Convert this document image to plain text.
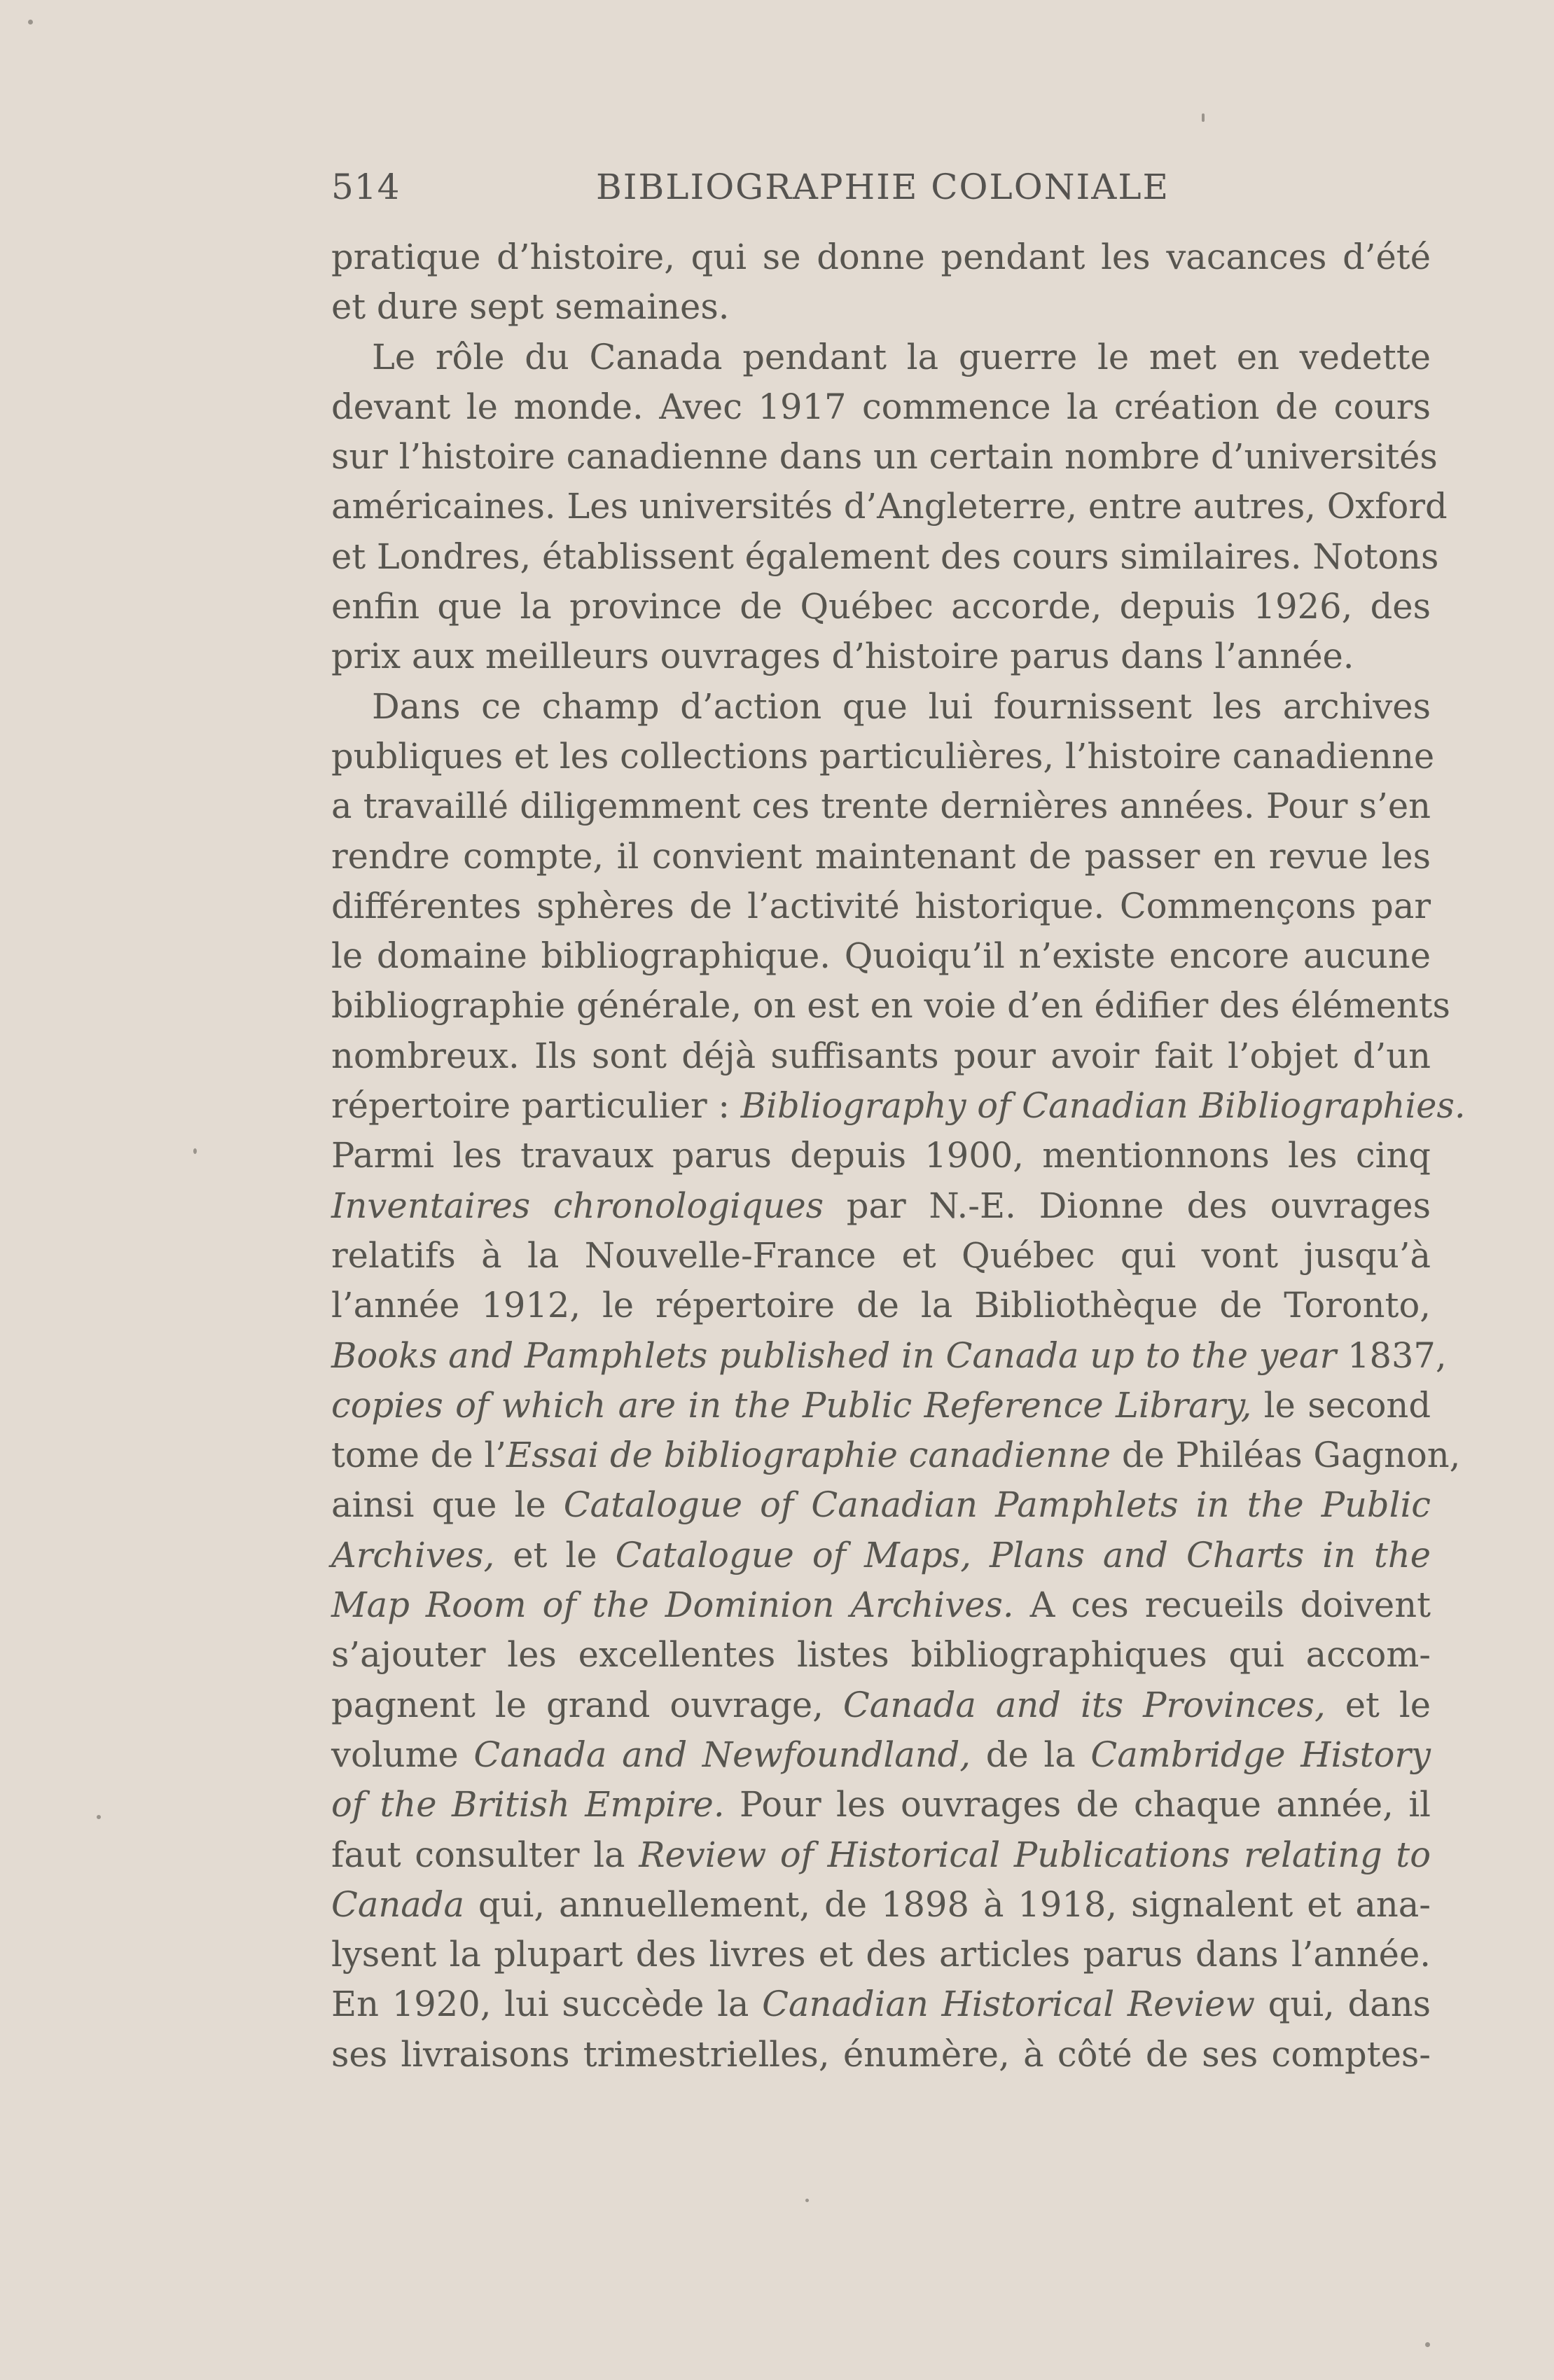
514	BIBLIOGRAPHIE COLONIALE
pratique d’histoire, qui se donne pendant les vacances d’été
et dure sept semaines.
Le rôle du Canada pendant la guerre le met en vedette
devant le monde. Avec 1917 commence la création de cours
sur l’histoire canadienne dans un certain nombre d’universités
américaines. Les universités d’Angleterre, entre autres, Oxford
et Londres, établissent également des cours similaires. Notons
enfin que la province de Québec accorde, depuis 1926, des
prix aux meilleurs ouvrages d’histoire parus dans l’année.
Dans ce champ d’action que lui fournissent les archives
publiques et les collections particulières, l’histoire canadienne
a travaillé diligemment ces trente dernières années. Pour s’en
rendre compte, il convient maintenant de passer en revue les
différentes sphères de l’activité historique. Commençons par
le domaine bibliographique. Quoiqu’il n’existe encore aucune
bibliographie générale, on est en voie d’en édifier des éléments
nombreux. Ils sont déjà suffisants pour avoir fait l’objet d’un
répertoire particulier : Bibliography of Canadian Bibliographies.
Parmi les travaux parus depuis 1900, mentionnons les cinq
Inventaires chronologiques par N.-E. Dionne des ouvrages
relatifs à la Nouvelle-France et Québec qui vont jusqu’à
l’année 1912, le répertoire de la Bibliothèque de Toronto,
Books and Pamphlets published in Canada up to the year 1837,
copies of which are in the Public Reference Library, le second
tome de l’Essai de bibliographie canadienne de Philéas Gagnon,
ainsi que le Catalogue of Canadian Pamphlets in the Public
Archives, et le Catalogue of Maps, Plans and Charts in the
Map Room of the Dominion Archives. A ces recueils doivent
s’ajouter les excellentes listes bibliographiques qui accom-
pagnent le grand ouvrage, Canada and its Provinces, et le
volume Canada and Newfoundland, de la Cambridge History
of the British Empire. Pour les ouvrages de chaque année, il
faut consulter la Review of Historical Publications relating to
Canada qui, annuellement, de 1898 à 1918, signalent et ana-
lysent la plupart des livres et des articles parus dans l’année.
En 1920, lui succède la Canadian Historical Review qui, dans
ses livraisons trimestrielles, énumère, à côté de ses comptes-
